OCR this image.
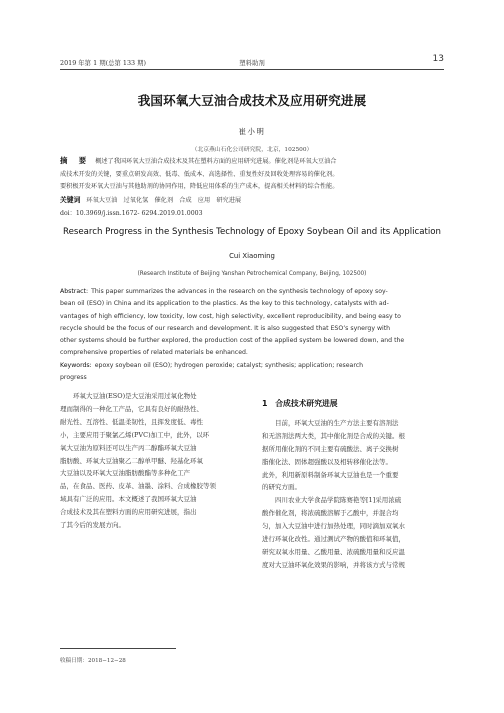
2019 年第 1 期(总第 133 期)	塑料助剂	13
我国环氧大豆油合成技术及应用研究进展
崔小明
（北京燕山石化公司研究院，北京，102500）
摘　要 概述了我国环氧大豆油合成技术及其在塑料方面的应用研究进展。催化剂是环氧大豆油合
成技术开发的关键，要重点研发高效、低毒、低成本、高选择性、重复性好及回收处理容易的催化剂。
要积极开发环氧大豆油与其他助剂的协同作用，降低应用体系的生产成本，提高相关材料的综合性能。
关键词 环氧大豆油　过氧化氢　催化剂　合成　应用　研究进展
doi：10.3969/j.issn.1672- 6294.2019.01.0003
Research Progress in the Synthesis Technology of Epoxy Soybean Oil and its Application
Cui Xiaoming
(Research Institute of Beijing Yanshan Petrochemical Company, Beijing, 102500)
Abstract: This paper summarizes the advances in the research on the synthesis technology of epoxy soy-
bean oil (ESO) in China and its application to the plastics. As the key to this technology, catalysts with ad-
vantages of high efficiency, low toxicity, low cost, high selectivity, excellent reproducibility, and being easy to
recycle should be the focus of our research and development. It is also suggested that ESO’s synergy with
other systems should be further explored, the production cost of the applied system be lowered down, and the
comprehensive properties of related materials be enhanced.
Keywords: epoxy soybean oil (ESO); hydrogen peroxide; catalyst; synthesis; application; research
progress
　　环氧大豆油(ESO)是大豆油采用过氧化物处
理而制得的一种化工产品，它具有良好的耐热性、
耐光性、互溶性、低温柔韧性，且挥发度低、毒性
小，主要应用于聚氯乙烯(PVC)加工中，此外，以环
氧大豆油为原料还可以生产丙二醇酯环氧大豆油
脂肪酸、环氧大豆油聚乙二醇单甲醚、羟基化环氧
大豆油以及环氧大豆油脂肪酸酯等多种化工产
品，在食品、医药、皮革、油墨、涂料、合成橡胶等领
域具有广泛的应用。本文概述了我国环氧大豆油
合成技术及其在塑料方面的应用研究进展，指出
了其今后的发展方向。
1　合成技术研究进展
　　目前，环氧大豆油的生产方法主要有溶剂法
和无溶剂法两大类，其中催化剂是合成的关键。根
据所用催化剂的不同主要有硫酸法、离子交换树
脂催化法、固体超强酸以及相转移催化法等。
此外，利用新原料制备环氧大豆油也是一个重要
的研究方面。
　　四川农业大学食品学院陈赛艳等[1]采用浓硫
酸作催化剂，将浓硫酸溶解于乙酸中，并混合均
匀，加入大豆油中进行加热处理，同时滴加双氧水
进行环氧化改性。通过测试产物的酸值和环氧值，
研究双氧水用量、乙酸用量、浓硫酸用量和反应温
度对大豆油环氧化效果的影响，并将该方式与常规
收稿日期：2018−12−28
